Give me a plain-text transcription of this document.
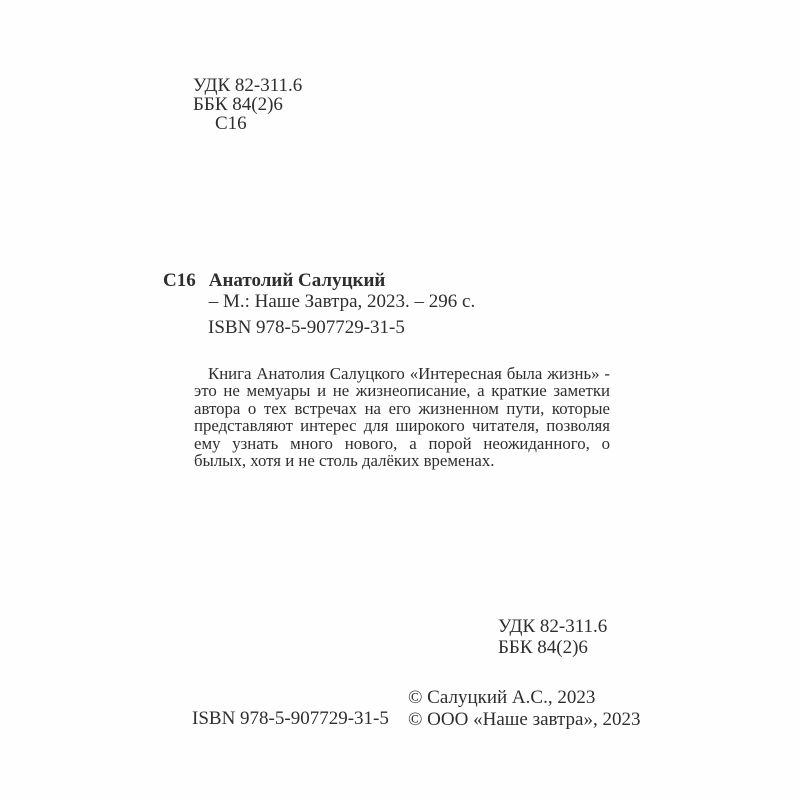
УДК 82-311.6
ББК 84(2)6
С16
С16 Анатолий Салуцкий
– М.: Наше Завтра, 2023. – 296 с.
ISBN 978-5-907729-31-5

Книга Анатолия Салуцкого «Интересная была жизнь» - это не мемуары и не жизнеописание, а краткие заметки автора о тех встречах на его жизненном пути, которые представляют интерес для широкого читателя, позволяя ему узнать много нового, а порой неожиданного, о былых, хотя и не столь далёких временах.

УДК 82-311.6
ББК 84(2)6
ISBN 978-5-907729-31-5
© Салуцкий А.С., 2023
© ООО «Наше завтра», 2023
